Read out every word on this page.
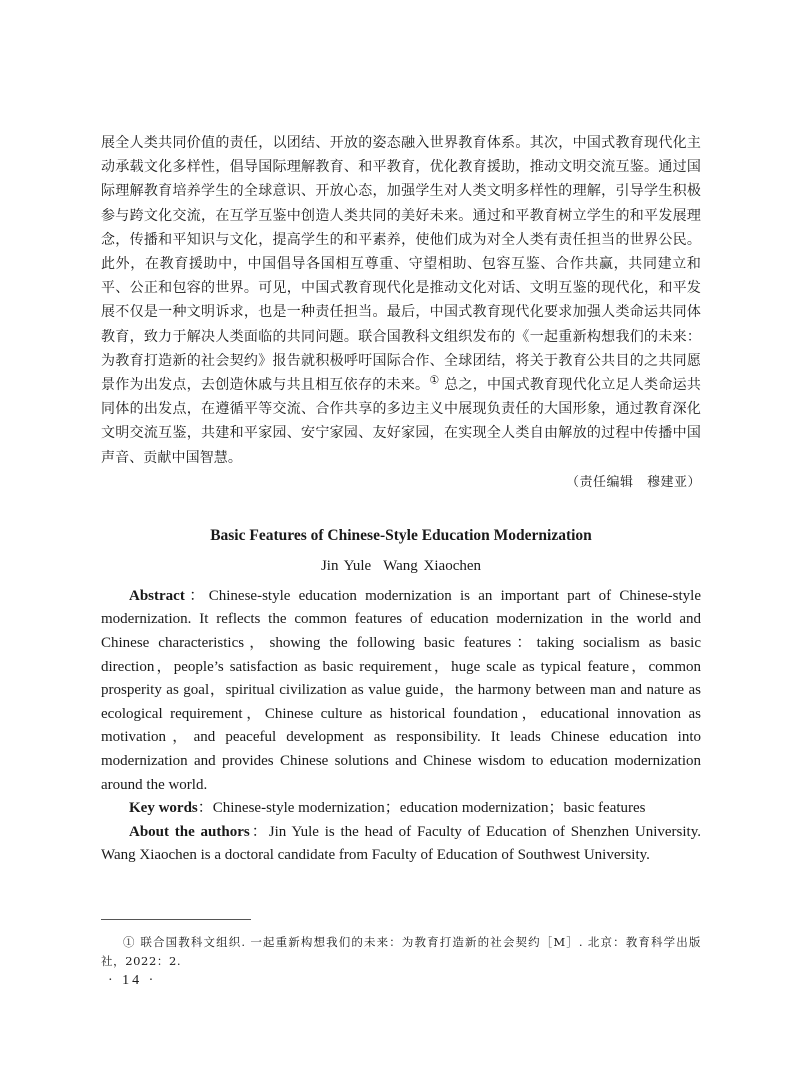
展全人类共同价值的责任，以团结、开放的姿态融入世界教育体系。其次，中国式教育现代化主动承载文化多样性，倡导国际理解教育、和平教育，优化教育援助，推动文明交流互鉴。通过国际理解教育培养学生的全球意识、开放心态，加强学生对人类文明多样性的理解，引导学生积极参与跨文化交流，在互学互鉴中创造人类共同的美好未来。通过和平教育树立学生的和平发展理念，传播和平知识与文化，提高学生的和平素养，使他们成为对全人类有责任担当的世界公民。此外，在教育援助中，中国倡导各国相互尊重、守望相助、包容互鉴、合作共赢，共同建立和平、公正和包容的世界。可见，中国式教育现代化是推动文化对话、文明互鉴的现代化，和平发展不仅是一种文明诉求，也是一种责任担当。最后，中国式教育现代化要求加强人类命运共同体教育，致力于解决人类面临的共同问题。联合国教科文组织发布的《一起重新构想我们的未来：为教育打造新的社会契约》报告就积极呼吁国际合作、全球团结，将关于教育公共目的之共同愿景作为出发点，去创造休戚与共且相互依存的未来。① 总之，中国式教育现代化立足人类命运共同体的出发点，在遵循平等交流、合作共享的多边主义中展现负责任的大国形象，通过教育深化文明交流互鉴，共建和平家园、安宁家园、友好家园，在实现全人类自由解放的过程中传播中国声音、贡献中国智慧。

（责任编辑　穆建亚）

Basic Features of Chinese-Style Education Modernization

Jin Yule Wang Xiaochen

Abstract：Chinese-style education modernization is an important part of Chinese-style modernization. It reflects the common features of education modernization in the world and Chinese characteristics，showing the following basic features：taking socialism as basic direction，people’s satisfaction as basic requirement，huge scale as typical feature，common prosperity as goal，spiritual civilization as value guide，the harmony between man and nature as ecological requirement，Chinese culture as historical foundation，educational innovation as motivation，and peaceful development as responsibility. It leads Chinese education into modernization and provides Chinese solutions and Chinese wisdom to education modernization around the world.

Key words：Chinese-style modernization；education modernization；basic features

About the authors：Jin Yule is the head of Faculty of Education of Shenzhen University. Wang Xiaochen is a doctoral candidate from Faculty of Education of Southwest University.

① 联合国教科文组织. 一起重新构想我们的未来：为教育打造新的社会契约［M］. 北京：教育科学出版社，2022：2.

· 14 ·
